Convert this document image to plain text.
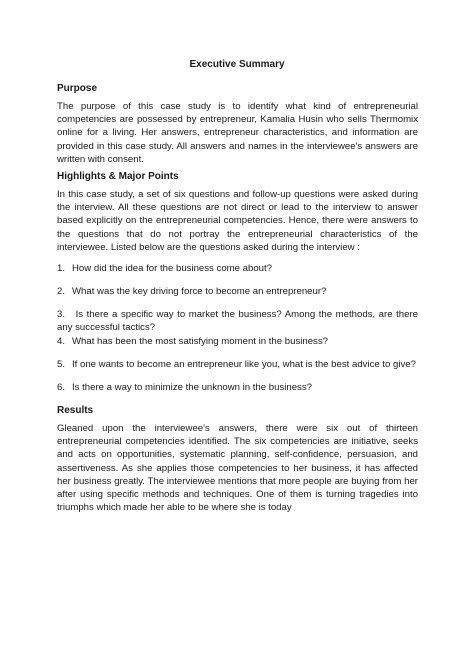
Executive Summary
Purpose

The purpose of this case study is to identify what kind of entrepreneurial competencies are possessed by entrepreneur, Kamalia Husin who sells Thermomix online for a living. Her answers, entrepreneur characteristics, and information are provided in this case study. All answers and names in the interviewee's answers are written with consent.

Highlights & Major Points

In this case study, a set of six questions and follow-up questions were asked during the interview. All these questions are not direct or lead to the interview to answer based explicitly on the entrepreneurial competencies. Hence, there were answers to the questions that do not portray the entrepreneurial characteristics of the interviewee. Listed below are the questions asked during the interview :

1. How did the idea for the business come about?

2. What was the key driving force to become an entrepreneur?

3. Is there a specific way to market the business? Among the methods, are there any successful tactics?

4. What has been the most satisfying moment in the business?

5. If one wants to become an entrepreneur like you, what is the best advice to give?

6. Is there a way to minimize the unknown in the business?

Results

Gleaned upon the interviewee's answers, there were six out of thirteen entrepreneurial competencies identified. The six competencies are initiative, seeks and acts on opportunities, systematic planning, self-confidence, persuasion, and assertiveness. As she applies those competencies to her business, it has affected her business greatly. The interviewee mentions that more people are buying from her after using specific methods and techniques. One of them is turning tragedies into triumphs which made her able to be where she is today
